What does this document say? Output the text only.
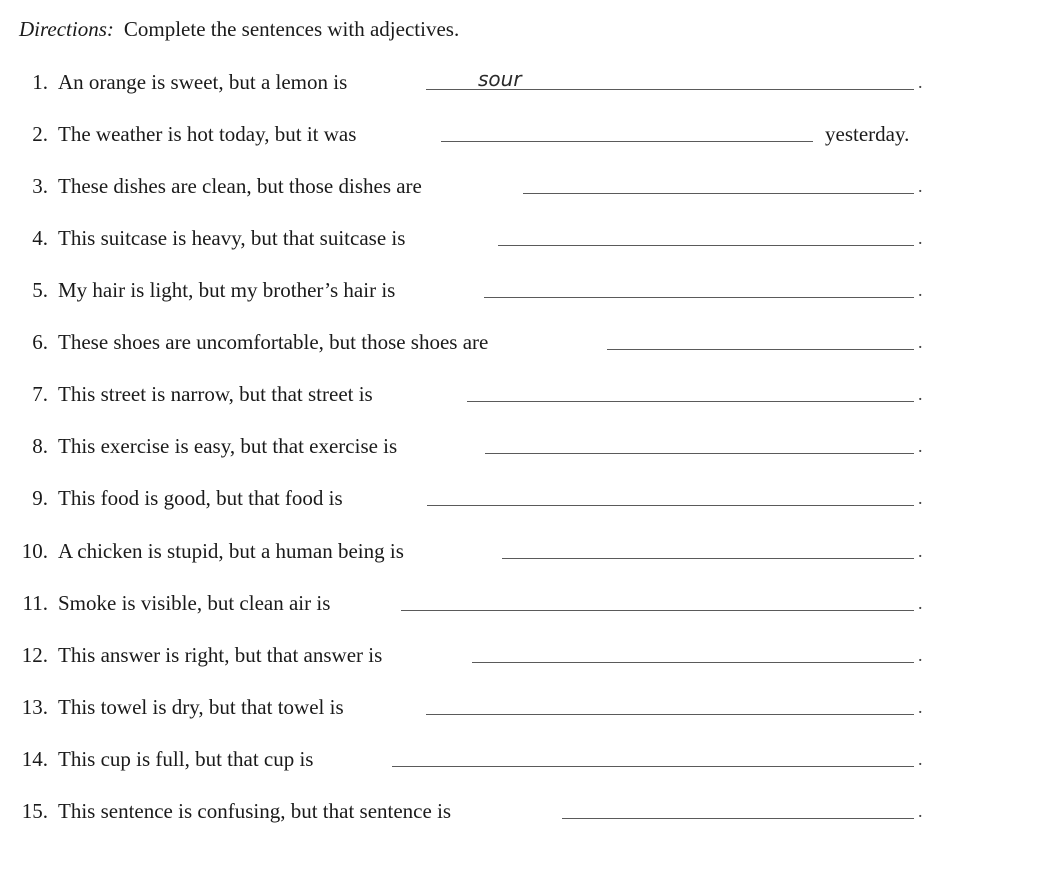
Directions: Complete the sentences with adjectives.
1. An orange is sweet, but a lemon is	sour	.
2. The weather is hot today, but it was	yesterday.
3. These dishes are clean, but those dishes are	.
4. This suitcase is heavy, but that suitcase is	.
5. My hair is light, but my brother’s hair is	.
6. These shoes are uncomfortable, but those shoes are	.
7. This street is narrow, but that street is	.
8. This exercise is easy, but that exercise is	.
9. This food is good, but that food is	.
10. A chicken is stupid, but a human being is	.
11. Smoke is visible, but clean air is	.
12. This answer is right, but that answer is	.
13. This towel is dry, but that towel is	.
14. This cup is full, but that cup is	.
15. This sentence is confusing, but that sentence is	.
